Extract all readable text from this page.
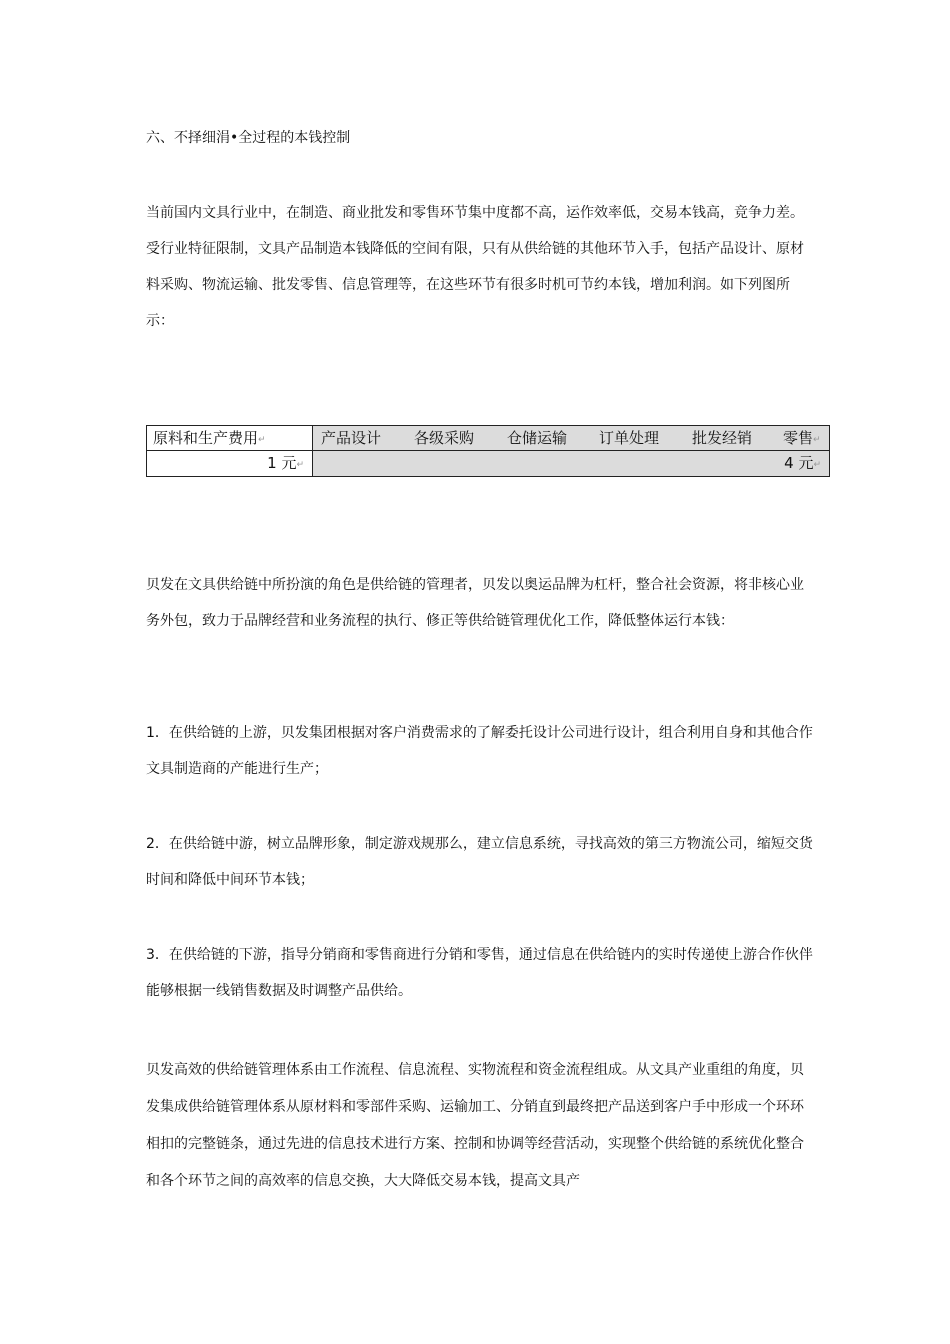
六、不择细涓•全过程的本钱控制

当前国内文具行业中，在制造、商业批发和零售环节集中度都不高，运作效率低，交易本钱高，竞争力差。受行业特征限制，文具产品制造本钱降低的空间有限，只有从供给链的其他环节入手，包括产品设计、原材料采购、物流运输、批发零售、信息管理等，在这些环节有很多时机可节约本钱，增加利润。如下列图所示：

原料和生产费用↵
1 元↵
产品设计 各级采购 仓储运输 订单处理 批发经销 零售↵
4 元↵

贝发在文具供给链中所扮演的角色是供给链的管理者，贝发以奥运品牌为杠杆，整合社会资源，将非核心业务外包，致力于品牌经营和业务流程的执行、修正等供给链管理优化工作，降低整体运行本钱：

1．在供给链的上游，贝发集团根据对客户消费需求的了解委托设计公司进行设计，组合利用自身和其他合作文具制造商的产能进行生产；

2．在供给链中游，树立品牌形象，制定游戏规那么，建立信息系统，寻找高效的第三方物流公司，缩短交货时间和降低中间环节本钱；

3．在供给链的下游，指导分销商和零售商进行分销和零售，通过信息在供给链内的实时传递使上游合作伙伴能够根据一线销售数据及时调整产品供给。

贝发高效的供给链管理体系由工作流程、信息流程、实物流程和资金流程组成。从文具产业重组的角度，贝发集成供给链管理体系从原材料和零部件采购、运输加工、分销直到最终把产品送到客户手中形成一个环环相扣的完整链条，通过先进的信息技术进行方案、控制和协调等经营活动，实现整个供给链的系统优化整合和各个环节之间的高效率的信息交换，大大降低交易本钱，提高文具产
